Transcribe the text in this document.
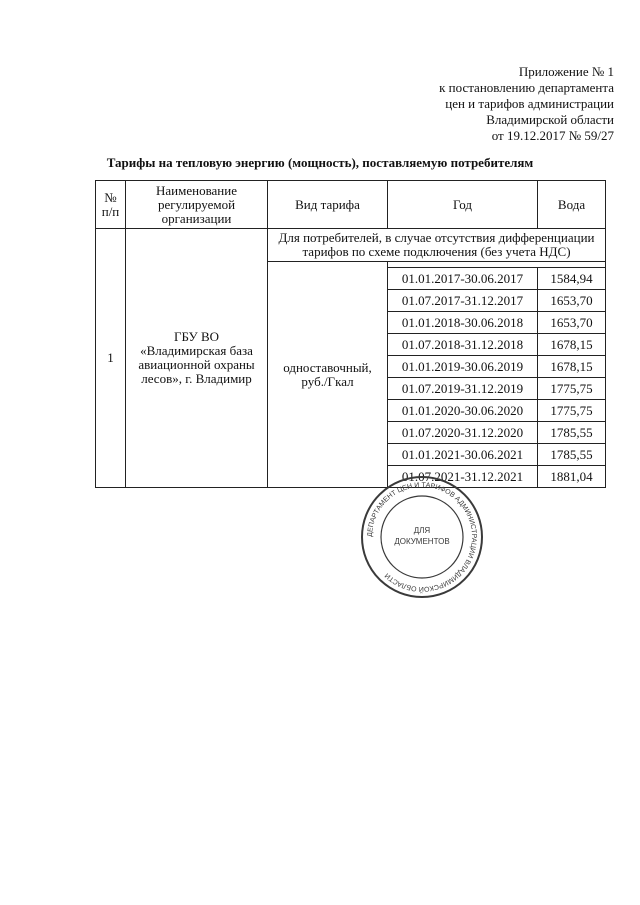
Приложение № 1
к постановлению департамента
цен и тарифов администрации
Владимирской области
от 19.12.2017 № 59/27
Тарифы на тепловую энергию (мощность), поставляемую потребителям
№ п/п	Наименование регулируемой организации	Вид тарифа	Год	Вода
1	ГБУ ВО «Владимирская база авиационной охраны лесов», г. Владимир	Для потребителей, в случае отсутствия дифференциации тарифов по схеме подключения (без учета НДС)		
		одноставочный, руб./Гкал		
			01.01.2017-30.06.2017	1584,94
			01.07.2017-31.12.2017	1653,70
			01.01.2018-30.06.2018	1653,70
			01.07.2018-31.12.2018	1678,15
			01.01.2019-30.06.2019	1678,15
			01.07.2019-31.12.2019	1775,75
			01.01.2020-30.06.2020	1775,75
			01.07.2020-31.12.2020	1785,55
			01.01.2021-30.06.2021	1785,55
			01.07.2021-31.12.2021	1881,04
ДЕПАРТАМЕНТ ЦЕН И ТАРИФОВ АДМИНИСТРАЦИИ ВЛАДИМИРСКОЙ ОБЛАСТИ
ДЛЯ
ДОКУМЕНТОВ
